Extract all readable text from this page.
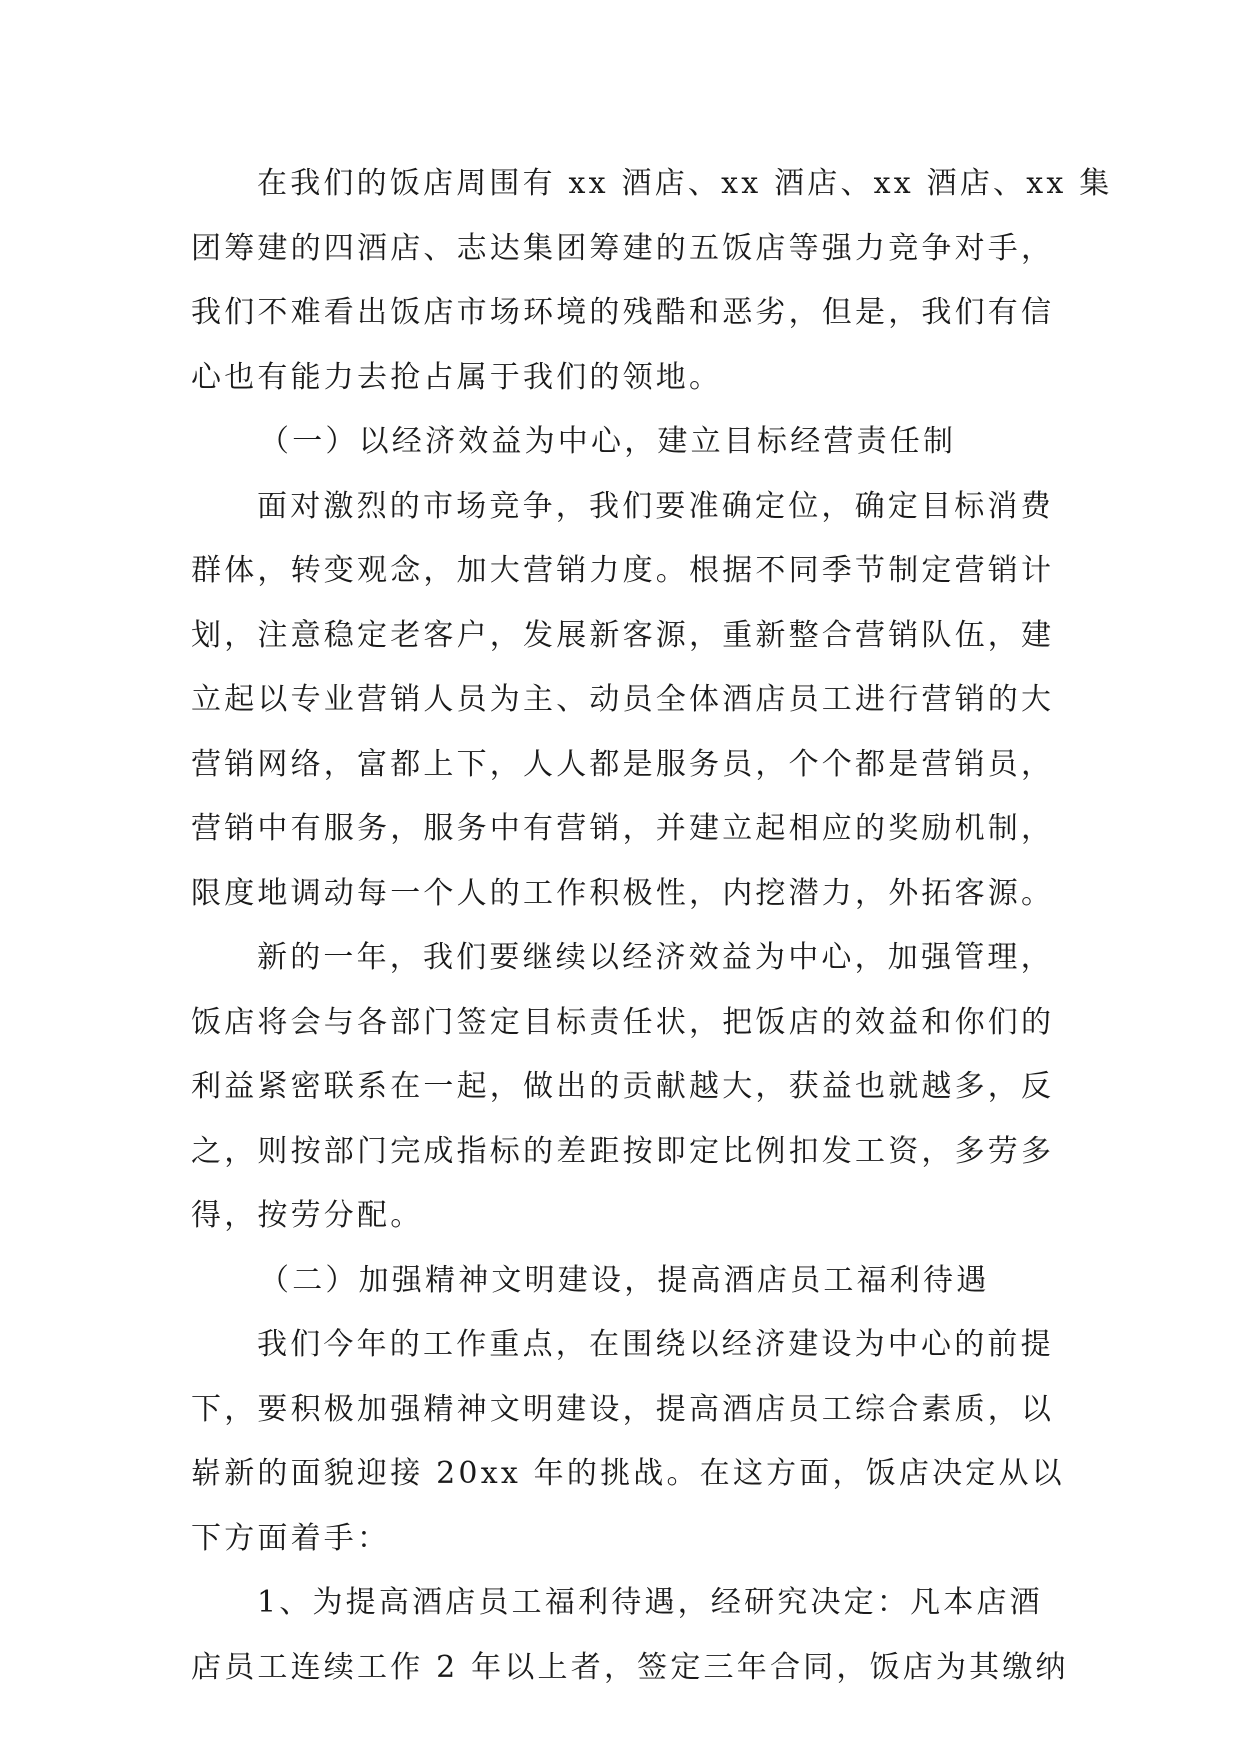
在我们的饭店周围有 xx 酒店、xx 酒店、xx 酒店、xx 集
团筹建的四酒店、志达集团筹建的五饭店等强力竞争对手，
我们不难看出饭店市场环境的残酷和恶劣，但是，我们有信
心也有能力去抢占属于我们的领地。
（一）以经济效益为中心，建立目标经营责任制
面对激烈的市场竞争，我们要准确定位，确定目标消费
群体，转变观念，加大营销力度。根据不同季节制定营销计
划，注意稳定老客户，发展新客源，重新整合营销队伍，建
立起以专业营销人员为主、动员全体酒店员工进行营销的大
营销网络，富都上下，人人都是服务员，个个都是营销员，
营销中有服务，服务中有营销，并建立起相应的奖励机制，
限度地调动每一个人的工作积极性，内挖潜力，外拓客源。
新的一年，我们要继续以经济效益为中心，加强管理，
饭店将会与各部门签定目标责任状，把饭店的效益和你们的
利益紧密联系在一起，做出的贡献越大，获益也就越多，反
之，则按部门完成指标的差距按即定比例扣发工资，多劳多
得，按劳分配。
（二）加强精神文明建设，提高酒店员工福利待遇
我们今年的工作重点，在围绕以经济建设为中心的前提
下，要积极加强精神文明建设，提高酒店员工综合素质，以
崭新的面貌迎接 20xx 年的挑战。在这方面，饭店决定从以
下方面着手：
1、为提高酒店员工福利待遇，经研究决定：凡本店酒
店员工连续工作 2 年以上者，签定三年合同，饭店为其缴纳
